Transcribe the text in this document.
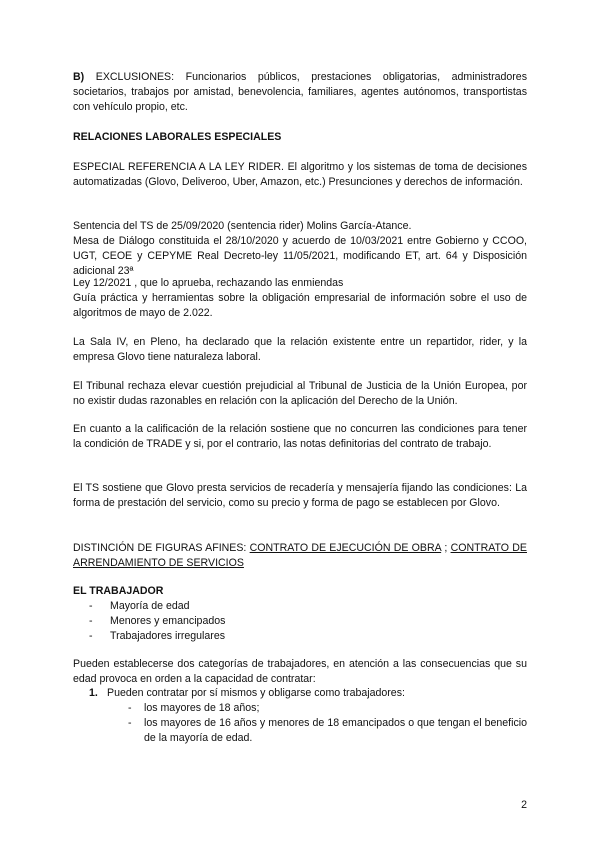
B) EXCLUSIONES: Funcionarios públicos, prestaciones obligatorias, administradores societarios, trabajos por amistad, benevolencia, familiares, agentes autónomos, transportistas con vehículo propio, etc.

RELACIONES LABORALES ESPECIALES

ESPECIAL REFERENCIA A LA LEY RIDER. El algoritmo y los sistemas de toma de decisiones automatizadas (Glovo, Deliveroo, Uber, Amazon, etc.) Presunciones y derechos de información.

Sentencia del TS de 25/09/2020 (sentencia rider) Molins García-Atance.

Mesa de Diálogo constituida el 28/10/2020 y acuerdo de 10/03/2021 entre Gobierno y CCOO, UGT, CEOE y CEPYME Real Decreto-ley 11/05/2021, modificando ET, art. 64 y Disposición adicional 23ª

Ley 12/2021 , que lo aprueba, rechazando las enmiendas

Guía práctica y herramientas sobre la obligación empresarial de información sobre el uso de algoritmos de mayo de 2.022.

La Sala IV, en Pleno, ha declarado que la relación existente entre un repartidor, rider, y la empresa Glovo tiene naturaleza laboral.

El Tribunal rechaza elevar cuestión prejudicial al Tribunal de Justicia de la Unión Europea, por no existir dudas razonables en relación con la aplicación del Derecho de la Unión.

En cuanto a la calificación de la relación sostiene que no concurren las condiciones para tener la condición de TRADE y si, por el contrario, las notas definitorias del contrato de trabajo.

El TS sostiene que Glovo presta servicios de recadería y mensajería fijando las condiciones: La forma de prestación del servicio, como su precio y forma de pago se establecen por Glovo.

DISTINCIÓN DE FIGURAS AFINES: CONTRATO DE EJECUCIÓN DE OBRA ; CONTRATO DE ARRENDAMIENTO DE SERVICIOS

EL TRABAJADOR

-	Mayoría de edad
-	Menores y emancipados
-	Trabajadores irregulares

Pueden establecerse dos categorías de trabajadores, en atención a las consecuencias que su edad provoca en orden a la capacidad de contratar:

1. Pueden contratar por sí mismos y obligarse como trabajadores:
-	los mayores de 18 años;
-	los mayores de 16 años y menores de 18 emancipados o que tengan el beneficio de la mayoría de edad.
2
